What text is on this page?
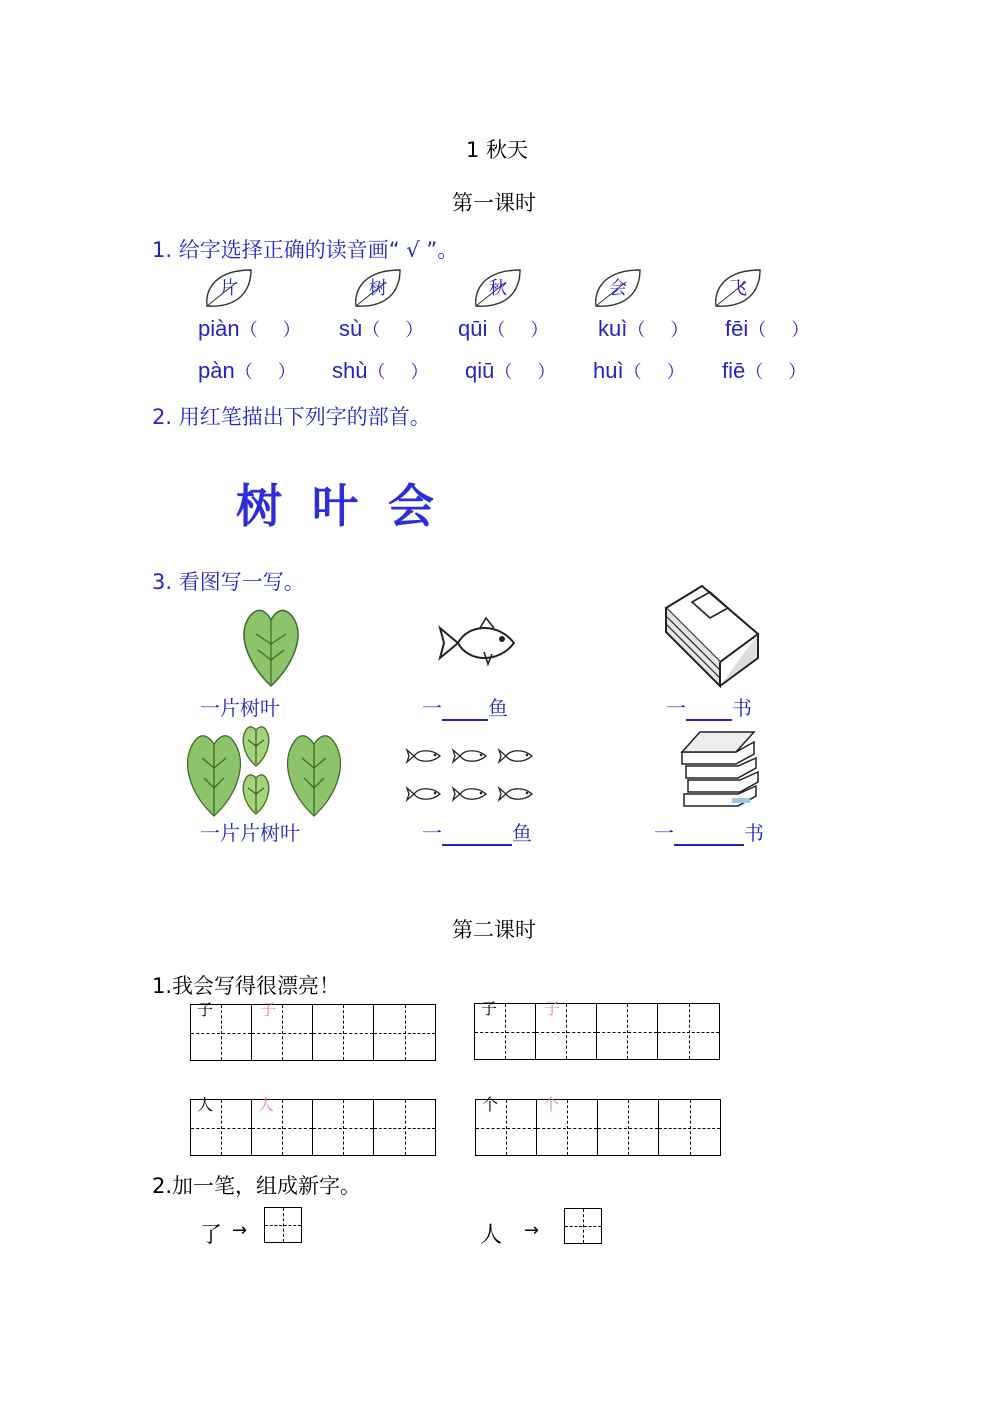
1 秋天
第一课时
1. 给字选择正确的读音画“ √ ”。
片	树	秋	会	飞
piàn（ ） sù（ ） qūi（ ） kuì（ ） fēi（ ）
pàn（ ） shù（ ） qiū（ ） huì（ ） fiē（ ）
2. 用红笔描出下列字的部首。
树 叶 会
3. 看图写一写。
一片树叶	一 鱼	一 书
一片片树叶	一	鱼	一	书
第二课时
1.我会写得很漂亮！
子	子	子	子
人	人	个	个
2.加一笔，组成新字。
了 →	人 →
